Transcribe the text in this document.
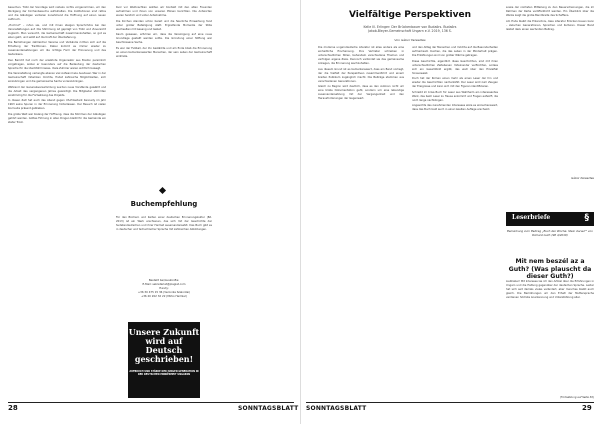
besuchen. Trotz der Sonntage wird nahezu nichts vorgenommen, um den Rückgang der Kirchenbesuche aufzuhalten. Die Institutionen sind ratlos und die Gläubigen verlieren zunehmend die Hoffnung auf einen neuen Aufbruch.

„Hochruf“ – rufen sie, und mit ihnen steigen Sprechchöre bei den Veranstaltungen auf. Die Stimmung ist geprägt von Trotz und Zuversicht zugleich. Man versucht, die Gemeinschaft zusammenzuhalten, so gut es eben geht, und setzt auf die Kraft der Überlieferung.

Die Bemühungen zahlreicher Vereine und Verbände richten sich auf die Erhaltung der Traditionen. Dabei kommt es immer wieder zu Auseinandersetzungen um die richtige Form der Erinnerung und des Gedenkens.

Den Bericht hat noch der erwähnte Organisator aus Boston persönlich vorgetragen, wobei er besonders auf die Bedeutung der deutschen Sprache für die Identität hinwies. Viele Zuhörer waren sichtlich bewegt.

Die Veranstaltung verlangte ebenso viel Aufwand wie Ausdauer. Wer in der Gemeinschaft mitwirken möchte, findet zahlreiche Möglichkeiten, sich einzubringen und die gemeinsame Sache voranzubringen.

Während der Generalsversammlung wurden neue Vorstände gewählt und die Arbeit des vergangenen Jahres gewürdigt. Die Mitglieder stimmten einstimmig für die Fortsetzung des Projekts.

In diesen Zeit hat auch das Abend gegen US-Präsident Kennedy im Jahr 1963 seine Spuren in der Erinnerung hinterlassen. Der Besuch ist vielen bis heute präsent geblieben.

Die große Welt war bislang der Hoffnung, dass die Stimmen der Gläubigen gehört werden. Gottes Führung in allen Dingen bleibt für die Gemeinde ein steter Trost.

Kurz vor Weihnachten wollten wir Kontakt mit den alten Freunden aufnehmen und ihnen von unseren Plänen berichten. Die Antworten waren herzlich und voller Anteilnahme.

Die Kirchen standen schon bereit und die feierliche Einweihung fand unter großer Beteiligung statt. Ergreifende Momente der Stille wechselten mit Gesang und Gebet.

Kaum gewesen, erfuhren wir, dass die Vereinigung auf eine neue Grundlage gestellt werden sollte. Die Gründung einer Stiftung war beschlossene Sache.

Es war der Fußball, der ihn bestärkte und am Ende blieb die Erinnerung an einen bemerkenswerten Menschen, der sein Leben der Gemeinschaft widmete.

Buchempfehlung
Für den Büchern und Karten einer deutschen Erinnerungskultur (Bd. 2013) ist ein Werk erschienen, das sich mit der Geschichte der Sudetendeutschen und ihrer Heimat auseinandersetzt. Das Buch gibt es in deutscher und tschechischer Sprache mit zahlreichen Abbildungen.
Bestellt bei/Auskünfte:
E-Mail: sekretariat@plagiat.com
Handy:
+36 30 475 15 36 (Veronika Szalontai)
+36 20 202 32 22 (Mirko Heimler)
Unsere Zukunft wird auf Deutsch geschrieben!
AUFBRUCH UND STÄRKE DER JUNGEN GENERATION IN DER DEUTSCHEN MINDERHEIT UNGARNS
28	SONNTAGSBLATT
Vielfältige Perspektiven
Kelle Ill. Erlinger: Der Brückenbauer von Budaörs. Budaörs
Jakob-Bleyer-Gemeinschaft Ungarn e.V. 2019, 136 S.
Von Gábor Keresztes

Die moderne ungarndeutsche Literatur ist alles andere als eine einheitliche Erscheinung. Ihre Vertreter schreiben in unterschiedlichen Stilen, behandeln verschiedene Themen und verfolgen eigene Ziele. Dennoch verbindet sie das gemeinsame Anliegen, die Erinnerung wachzuhalten.

Aus diesem Grund ist es bemerkenswert, dass ein Band vorliegt, der die Vielfalt der Perspektiven zusammenführt und einem breiten Publikum zugänglich macht. Die Beiträge stammen aus verschiedenen Generationen.

Gleich zu Beginn wird deutlich, dass es den Autoren nicht um eine bloße Dokumentation geht, sondern um eine lebendige Auseinandersetzung mit der Vergangenheit und den Herausforderungen der Gegenwart.

und den Alltag der Menschen und möchte auf die Besonderheiten aufmerksam machen, die das Leben in der Minderheit prägen. Die Erzählungen sind von großer Wärme getragen.

Diese Geschichte, eigentlich diese Geschichten, sind mit ihren unterschiedlichen Zeitebenen miteinander verflochten, sodass sich ein Gesamtbild ergibt, das weit über den Einzelfall hinausweist.

Doch hat der Roman einen mehr als einen Leser der hin und wieder die Geschichten nacherzählt. Der Leser wird zum Zeugen der Ereignisse und kann sich mit den Figuren identifizieren.

Schreibt im brisa Buch für Leser aus Wahlheim ein interessantes Werk, das beim Leser zu Hause ankommt und Fragen aufwirft, die noch lange nachklingen.

Angesichts des zunehmenden Interesses wäre es wünschenswert, dass das Buch bald auch in einer zweiten Auflage erscheint.

sowie der nächsten Mitteilung zu den Neuerscheinungen, die im Rahmen der Reihe veröffentlicht werden. Ein Überblick über die Werke zeigt die große Bandbreite des Schaffens.

Am Ende bleibt die Erkenntnis, dass Literatur Brücken bauen kann – zwischen Generationen, Sprachen und Kulturen. Dieser Band leistet dazu einen wertvollen Beitrag.

Gábor Keresztes
Leserbriefe	§
Bemerkung zum Beitrag „Buch der Woche. Stein darauf“ von Richard Guth (SB 4/2019)
Mit nem beszél az a Guth? (Was plauscht da dieser Guth?)
Liebhaber! Mit Interesse las ich den Artikel über die Erfahrungen in Ungarn und die Haltung gegenüber der deutschen Sprache. Leider hat sich seit damals vieles verändert, aber manches bleibt auch gleich. Die Bemühungen um den Erhalt der Muttersprache verdienen höchste Anerkennung und Unterstützung aller.
(Fortsetzung auf Seite 30)
SONNTAGSBLATT	29
